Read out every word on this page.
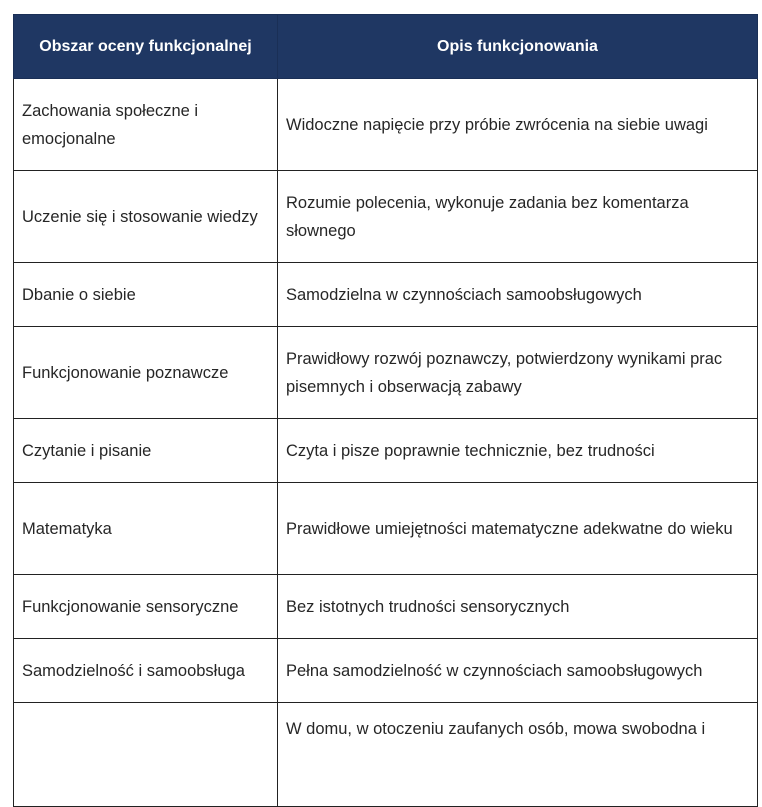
Obszar oceny funkcjonalnej	Opis funkcjonowania
Zachowania społeczne i emocjonalne	Widoczne napięcie przy próbie zwrócenia na siebie uwagi
Uczenie się i stosowanie wiedzy	Rozumie polecenia, wykonuje zadania bez komentarza słownego
Dbanie o siebie	Samodzielna w czynnościach samoobsługowych
Funkcjonowanie poznawcze	Prawidłowy rozwój poznawczy, potwierdzony wynikami prac pisemnych i obserwacją zabawy
Czytanie i pisanie	Czyta i pisze poprawnie technicznie, bez trudności
Matematyka	Prawidłowe umiejętności matematyczne adekwatne do wieku
Funkcjonowanie sensoryczne	Bez istotnych trudności sensorycznych
Samodzielność i samoobsługa	Pełna samodzielność w czynnościach samoobsługowych
	W domu, w otoczeniu zaufanych osób, mowa swobodna i
